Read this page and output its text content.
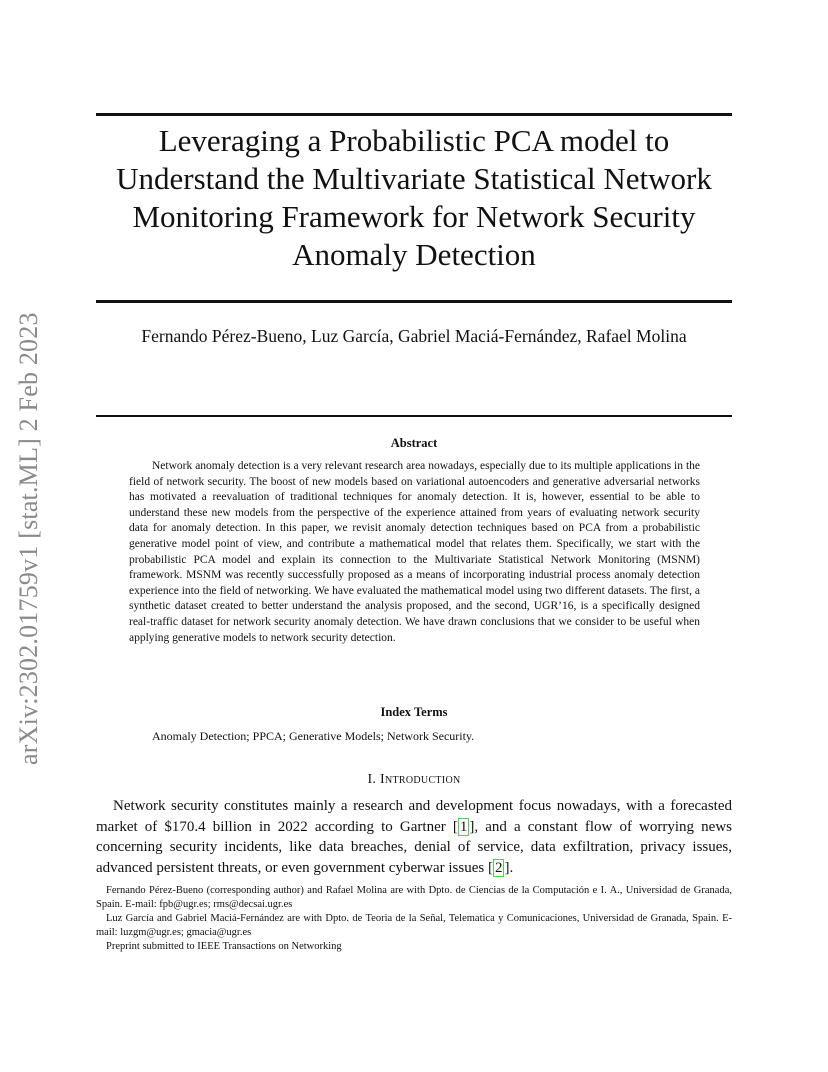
arXiv:2302.01759v1 [stat.ML] 2 Feb 2023
Leveraging a Probabilistic PCA model to Understand the Multivariate Statistical Network Monitoring Framework for Network Security Anomaly Detection
Fernando Pérez-Bueno, Luz García, Gabriel Maciá-Fernández, Rafael Molina
Abstract

Network anomaly detection is a very relevant research area nowadays, especially due to its multiple applications in the field of network security. The boost of new models based on variational autoencoders and generative adversarial networks has motivated a reevaluation of traditional techniques for anomaly detection. It is, however, essential to be able to understand these new models from the perspective of the experience attained from years of evaluating network security data for anomaly detection. In this paper, we revisit anomaly detection techniques based on PCA from a probabilistic generative model point of view, and contribute a mathematical model that relates them. Specifically, we start with the probabilistic PCA model and explain its connection to the Multivariate Statistical Network Monitoring (MSNM) framework. MSNM was recently successfully proposed as a means of incorporating industrial process anomaly detection experience into the field of networking. We have evaluated the mathematical model using two different datasets. The first, a synthetic dataset created to better understand the analysis proposed, and the second, UGR’16, is a specifically designed real-traffic dataset for network security anomaly detection. We have drawn conclusions that we consider to be useful when applying generative models to network security detection.

Index Terms
Anomaly Detection; PPCA; Generative Models; Network Security.
I. Introduction

Network security constitutes mainly a research and development focus nowadays, with a forecasted market of $170.4 billion in 2022 according to Gartner [ 1 ], and a constant flow of worrying news concerning security incidents, like data breaches, denial of service, data exfiltration, privacy issues, advanced persistent threats, or even government cyberwar issues [ 2 ].

Fernando Pérez-Bueno (corresponding author) and Rafael Molina are with Dpto. de Ciencias de la Computación e I. A., Universidad de Granada, Spain. E-mail: fpb@ugr.es; rms@decsai.ugr.es

Luz García and Gabriel Maciá-Fernández are with Dpto. de Teoria de la Señal, Telematica y Comunicaciones, Universidad de Granada, Spain. E-mail: luzgm@ugr.es; gmacia@ugr.es

Preprint submitted to IEEE Transactions on Networking
